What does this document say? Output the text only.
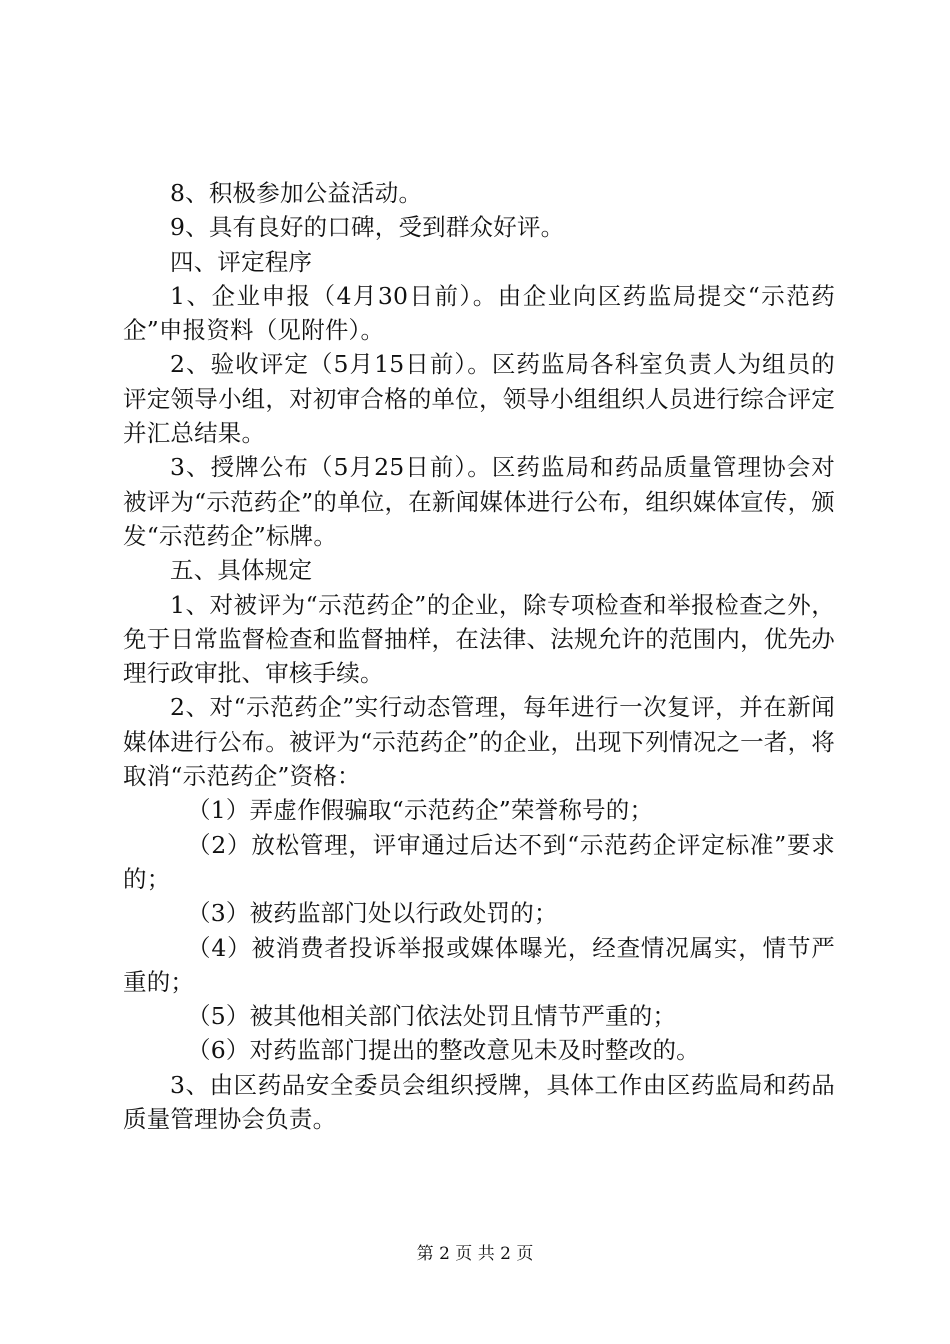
8、积极参加公益活动。

9、具有良好的口碑，受到群众好评。

四、评定程序

1、企业申报（4月30日前）。由企业向区药监局提交“示范药企”申报资料（见附件）。

2、验收评定（5月15日前）。区药监局各科室负责人为组员的评定领导小组，对初审合格的单位，领导小组组织人员进行综合评定并汇总结果。

3、授牌公布（5月25日前）。区药监局和药品质量管理协会对被评为“示范药企”的单位，在新闻媒体进行公布，组织媒体宣传，颁发“示范药企”标牌。

五、具体规定

1、对被评为“示范药企”的企业，除专项检查和举报检查之外，免于日常监督检查和监督抽样，在法律、法规允许的范围内，优先办理行政审批、审核手续。

2、对“示范药企”实行动态管理，每年进行一次复评，并在新闻媒体进行公布。被评为“示范药企”的企业，出现下列情况之一者，将取消“示范药企”资格：

（1）弄虚作假骗取“示范药企”荣誉称号的；

（2）放松管理，评审通过后达不到“示范药企评定标准”要求的；

（3）被药监部门处以行政处罚的；

（4）被消费者投诉举报或媒体曝光，经查情况属实，情节严重的；

（5）被其他相关部门依法处罚且情节严重的；

（6）对药监部门提出的整改意见未及时整改的。

3、由区药品安全委员会组织授牌，具体工作由区药监局和药品质量管理协会负责。

第 2 页 共 2 页
